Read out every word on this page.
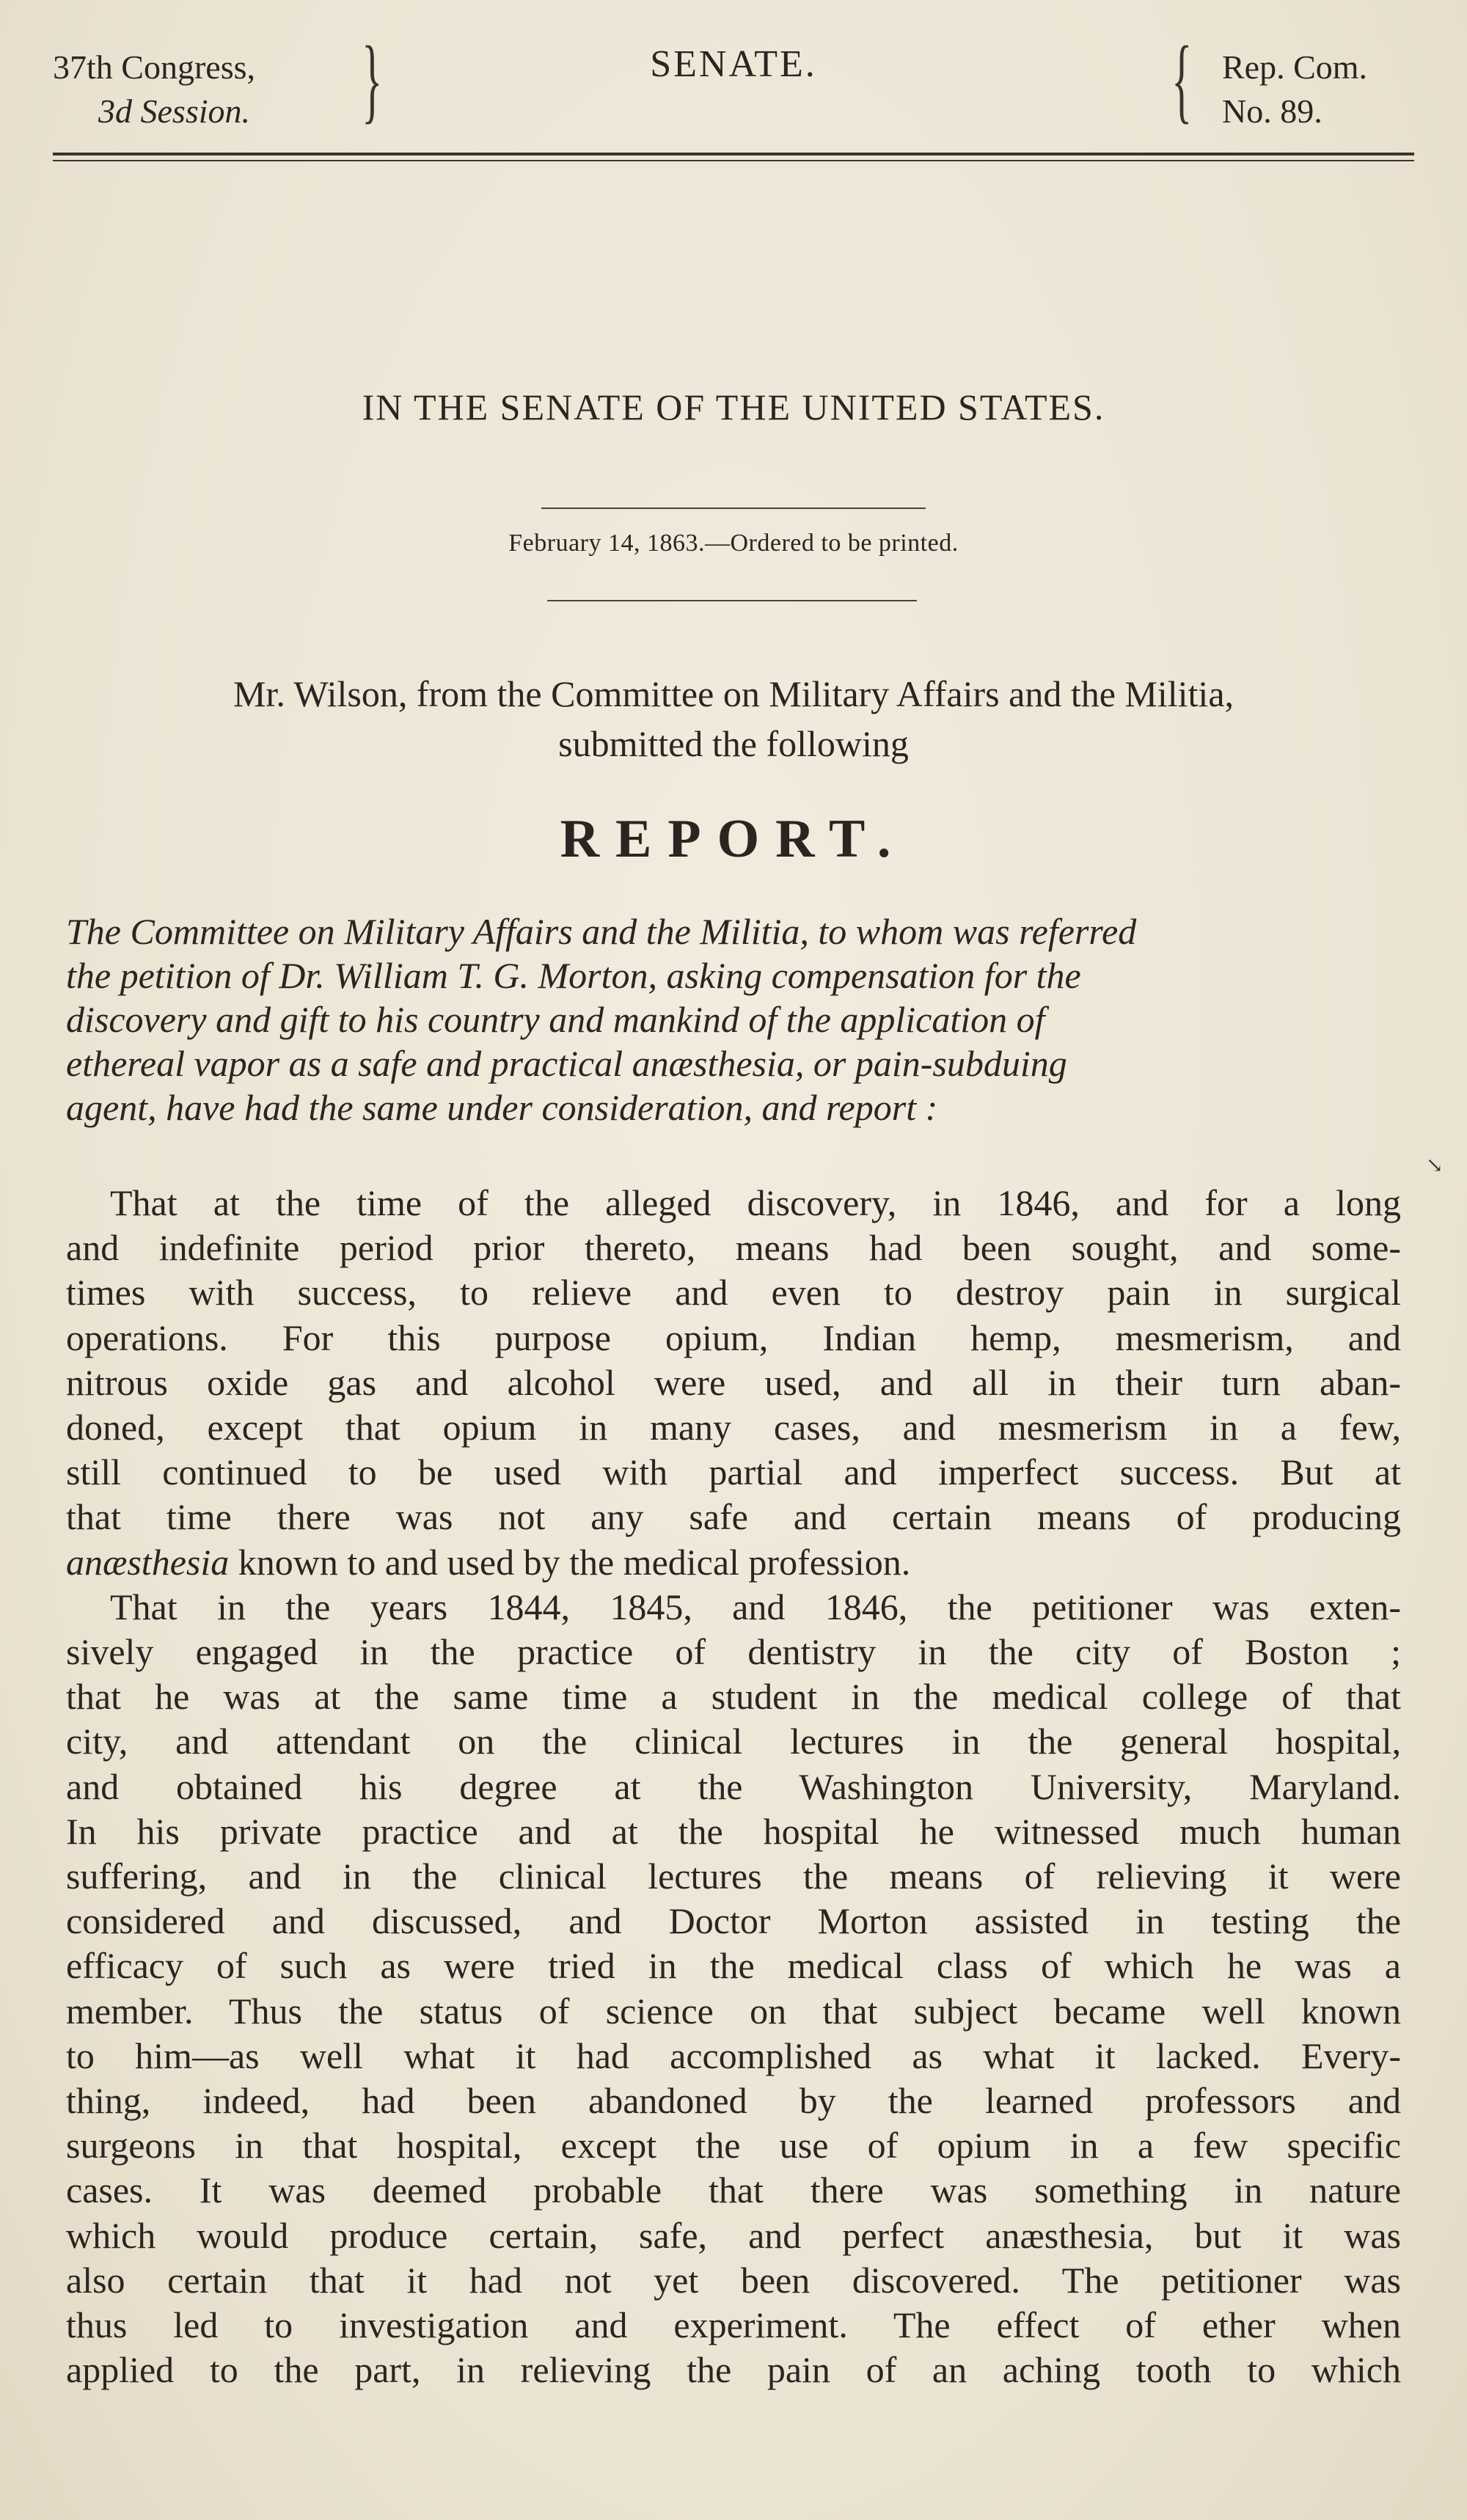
37th Congress,
3d Session. }	SENATE.	{ Rep. Com.
No. 89.
IN THE SENATE OF THE UNITED STATES.
February 14, 1863.—Ordered to be printed.
Mr. Wilson, from the Committee on Military Affairs and the Militia,
submitted the following
REPORT.
The Committee on Military Affairs and the Militia, to whom was referred
the petition of Dr. William T. G. Morton, asking compensation for the
discovery and gift to his country and mankind of the application of
ethereal vapor as a safe and practical anæsthesia, or pain-subduing
agent, have had the same under consideration, and report :
↘
That at the time of the alleged discovery, in 1846, and for a long
and indefinite period prior thereto, means had been sought, and some-
times with success, to relieve and even to destroy pain in surgical
operations. For this purpose opium, Indian hemp, mesmerism, and
nitrous oxide gas and alcohol were used, and all in their turn aban-
doned, except that opium in many cases, and mesmerism in a few,
still continued to be used with partial and imperfect success. But at
that time there was not any safe and certain means of producing
anæsthesia known to and used by the medical profession.
That in the years 1844, 1845, and 1846, the petitioner was exten-
sively engaged in the practice of dentistry in the city of Boston ;
that he was at the same time a student in the medical college of that
city, and attendant on the clinical lectures in the general hospital,
and obtained his degree at the Washington University, Maryland.
In his private practice and at the hospital he witnessed much human
suffering, and in the clinical lectures the means of relieving it were
considered and discussed, and Doctor Morton assisted in testing the
efficacy of such as were tried in the medical class of which he was a
member. Thus the status of science on that subject became well known
to him—as well what it had accomplished as what it lacked. Every-
thing, indeed, had been abandoned by the learned professors and
surgeons in that hospital, except the use of opium in a few specific
cases. It was deemed probable that there was something in nature
which would produce certain, safe, and perfect anæsthesia, but it was
also certain that it had not yet been discovered. The petitioner was
thus led to investigation and experiment. The effect of ether when
applied to the part, in relieving the pain of an aching tooth to which
